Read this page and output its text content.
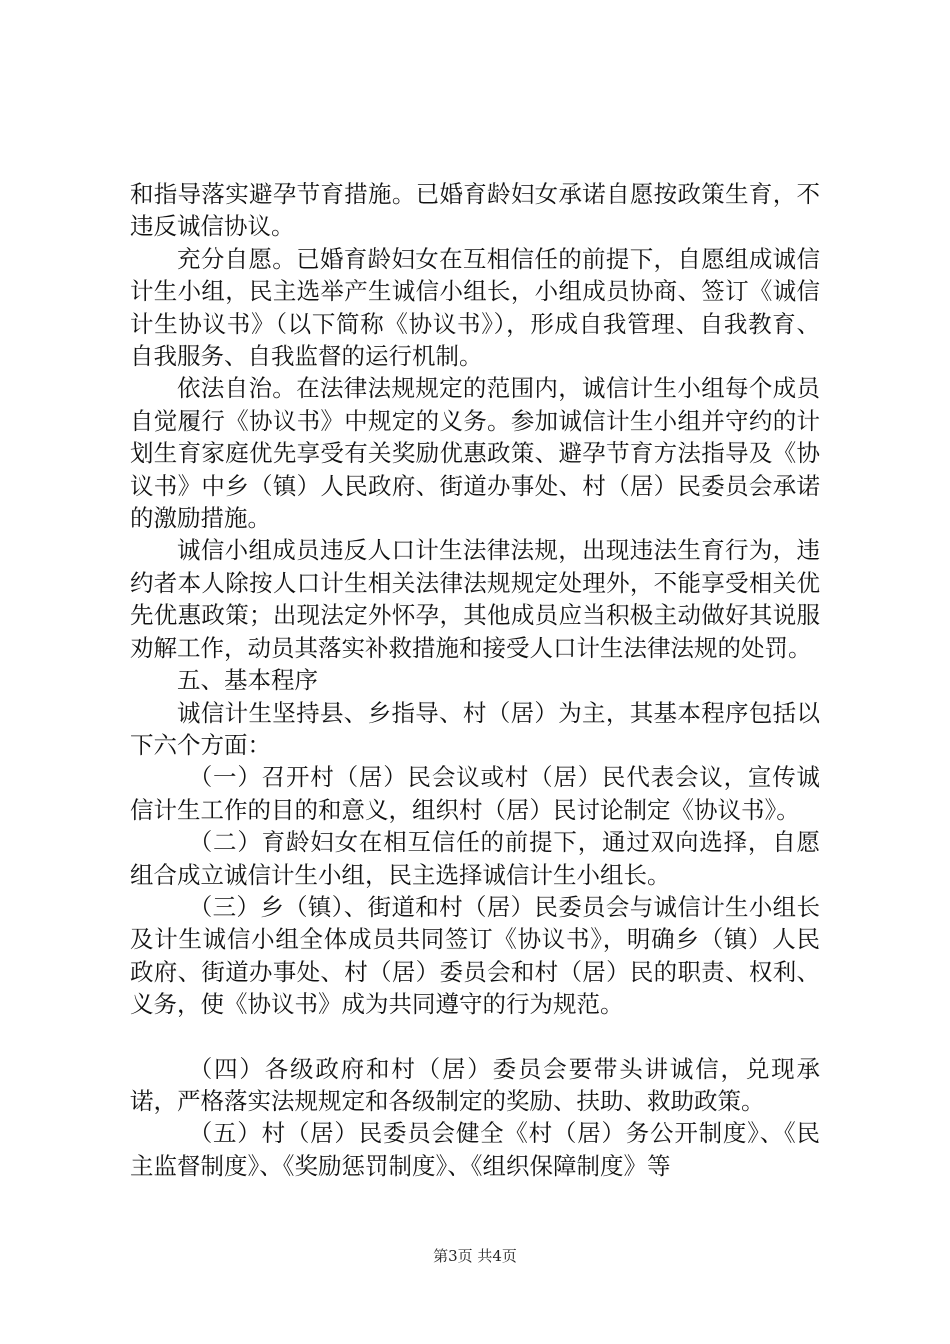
和指导落实避孕节育措施。已婚育龄妇女承诺自愿按政策生育，不违反诚信协议。

充分自愿。已婚育龄妇女在互相信任的前提下，自愿组成诚信计生小组，民主选举产生诚信小组长，小组成员协商、签订《诚信计生协议书》（以下简称《协议书》），形成自我管理、自我教育、自我服务、自我监督的运行机制。

依法自治。在法律法规规定的范围内，诚信计生小组每个成员自觉履行《协议书》中规定的义务。参加诚信计生小组并守约的计划生育家庭优先享受有关奖励优惠政策、避孕节育方法指导及《协议书》中乡（镇）人民政府、街道办事处、村（居）民委员会承诺的激励措施。

诚信小组成员违反人口计生法律法规，出现违法生育行为，违约者本人除按人口计生相关法律法规规定处理外，不能享受相关优先优惠政策；出现法定外怀孕，其他成员应当积极主动做好其说服劝解工作，动员其落实补救措施和接受人口计生法律法规的处罚。

五、基本程序

诚信计生坚持县、乡指导、村（居）为主，其基本程序包括以下六个方面：

（一）召开村（居）民会议或村（居）民代表会议，宣传诚信计生工作的目的和意义，组织村（居）民讨论制定《协议书》。

（二）育龄妇女在相互信任的前提下，通过双向选择，自愿组合成立诚信计生小组，民主选择诚信计生小组长。

（三）乡（镇）、街道和村（居）民委员会与诚信计生小组长及计生诚信小组全体成员共同签订《协议书》，明确乡（镇）人民政府、街道办事处、村（居）委员会和村（居）民的职责、权利、义务，使《协议书》成为共同遵守的行为规范。

（四）各级政府和村（居）委员会要带头讲诚信，兑现承诺，严格落实法规规定和各级制定的奖励、扶助、救助政策。

（五）村（居）民委员会健全《村（居）务公开制度》、《民主监督制度》、《奖励惩罚制度》、《组织保障制度》等

第3页 共4页
